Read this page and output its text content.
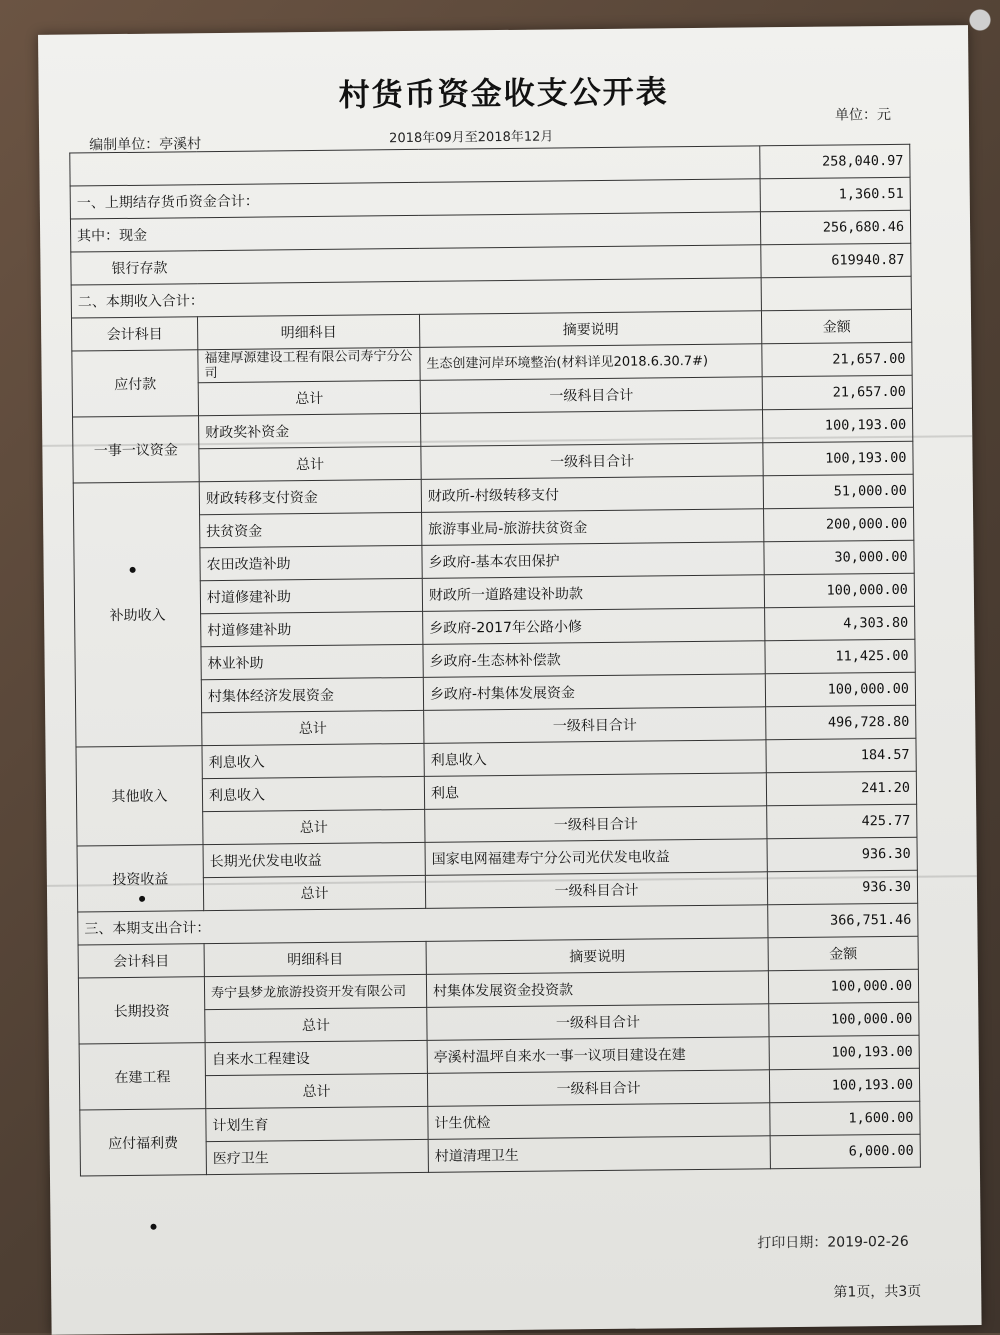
村货币资金收支公开表
单位：元
编制单位：亭溪村	2018年09月至2018年12月
			258,040.97
一、上期结存货币资金合计：			1,360.51
其中：现金			256,680.46
银行存款			619940.87
二、本期收入合计：			
会计科目	明细科目	摘要说明	金额
应付款	福建厚源建设工程有限公司寿宁分公司	生态创建河岸环境整治(材料详见2018.6.30.7#)	21,657.00
	总计	一级科目合计	21,657.00
一事一议资金	财政奖补资金		100,193.00
	总计	一级科目合计	100,193.00
补助收入	财政转移支付资金	财政所-村级转移支付	51,000.00
	扶贫资金	旅游事业局-旅游扶贫资金	200,000.00
	农田改造补助	乡政府-基本农田保护	30,000.00
	村道修建补助	财政所一道路建设补助款	100,000.00
	村道修建补助	乡政府-2017年公路小修	4,303.80
	林业补助	乡政府-生态林补偿款	11,425.00
	村集体经济发展资金	乡政府-村集体发展资金	100,000.00
	总计	一级科目合计	496,728.80
其他收入	利息收入	利息收入	184.57
	利息收入	利息	241.20
	总计	一级科目合计	425.77
投资收益	长期光伏发电收益	国家电网福建寿宁分公司光伏发电收益	936.30
	总计	一级科目合计	936.30
三、本期支出合计：			366,751.46
会计科目	明细科目	摘要说明	金额
长期投资	寿宁县梦龙旅游投资开发有限公司	村集体发展资金投资款	100,000.00
	总计	一级科目合计	100,000.00
在建工程	自来水工程建设	亭溪村温坪自来水一事一议项目建设在建	100,193.00
	总计	一级科目合计	100,193.00
应付福利费	计划生育	计生优检	1,600.00
	医疗卫生	村道清理卫生	6,000.00
打印日期：2019-02-26
第1页，共3页
